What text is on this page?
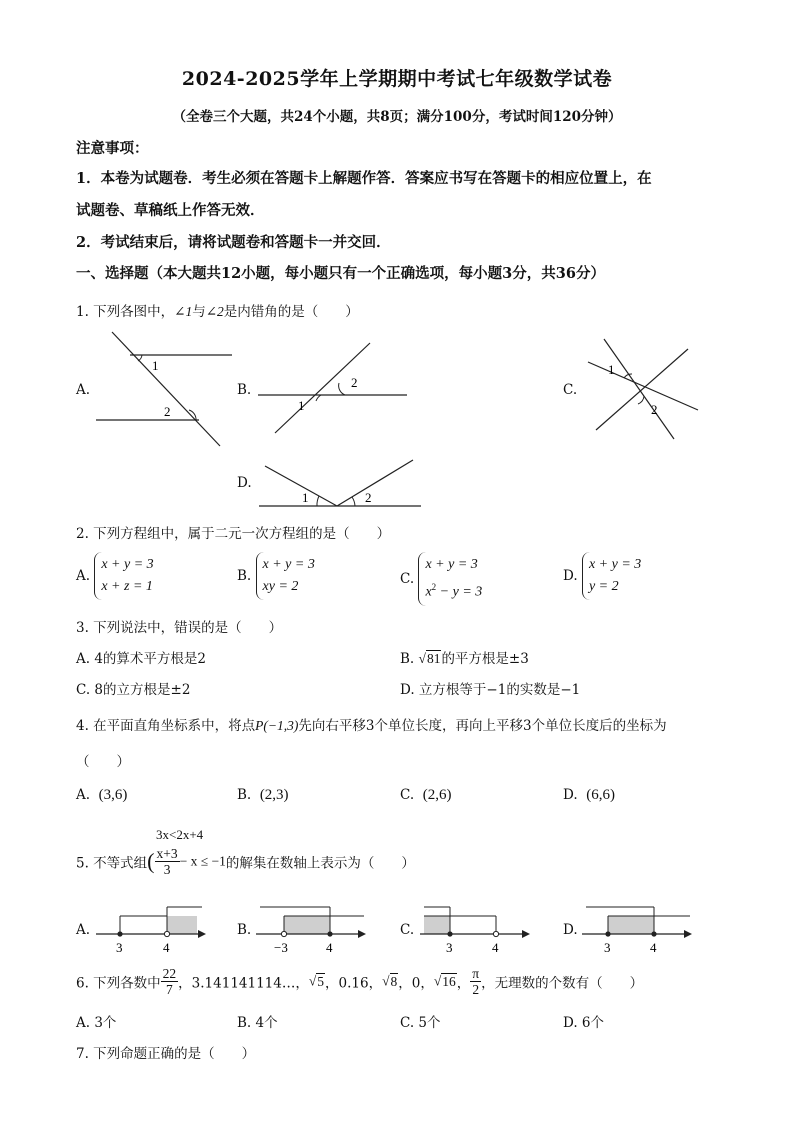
2024-2025学年上学期期中考试七年级数学试卷
（全卷三个大题，共24个小题，共8页；满分100分，考试时间120分钟）
注意事项：
1．本卷为试题卷．考生必须在答题卡上解题作答．答案应书写在答题卡的相应位置上，在
试题卷、草稿纸上作答无效．
2．考试结束后，请将试题卷和答题卡一并交回．
一、选择题（本大题共12小题，每小题只有一个正确选项，每小题3分，共36分）
1. 下列各图中，∠1与∠2是内错角的是（　　）
A.
1
2
B.
1
2	C.
1
2
D.
1	2
2. 下列方程组中，属于二元一次方程组的是（　　）
A. x + y = 3
x + z = 1
B. x + y = 3
xy = 2	C. x + y = 3
$x^2 - y = 3$
D. x + y = 3
y = 2
3. 下列说法中，错误的是（　　）
A. 4的算术平方根是2	B. √81的平方根是±3
C. 8的立方根是±2	D. 立方根等于−1的实数是−1
4. 在平面直角坐标系中，将点P(−1,3)先向右平移3个单位长度，再向上平移3个单位长度后的坐标为
（　　）
A. (3,6)	B. (2,3)	C. (2,6)	D. (6,6)
3x<2x+4
5. 不等式组( $\frac{x+3}{3} - x \le -1$的解集在数轴上表示为（　　）
A.
3	4
B.
−3	4
C.
3	4
D.
3	4
6. 下列各数中 $\frac{22}{7}$ ，3.141141114…，√5，0.16，√8，0，√16， $\frac{\pi}{2}$ ，无理数的个数有（　　）
A. 3个	B. 4个	C. 5个	D. 6个
7. 下列命题正确的是（　　）
